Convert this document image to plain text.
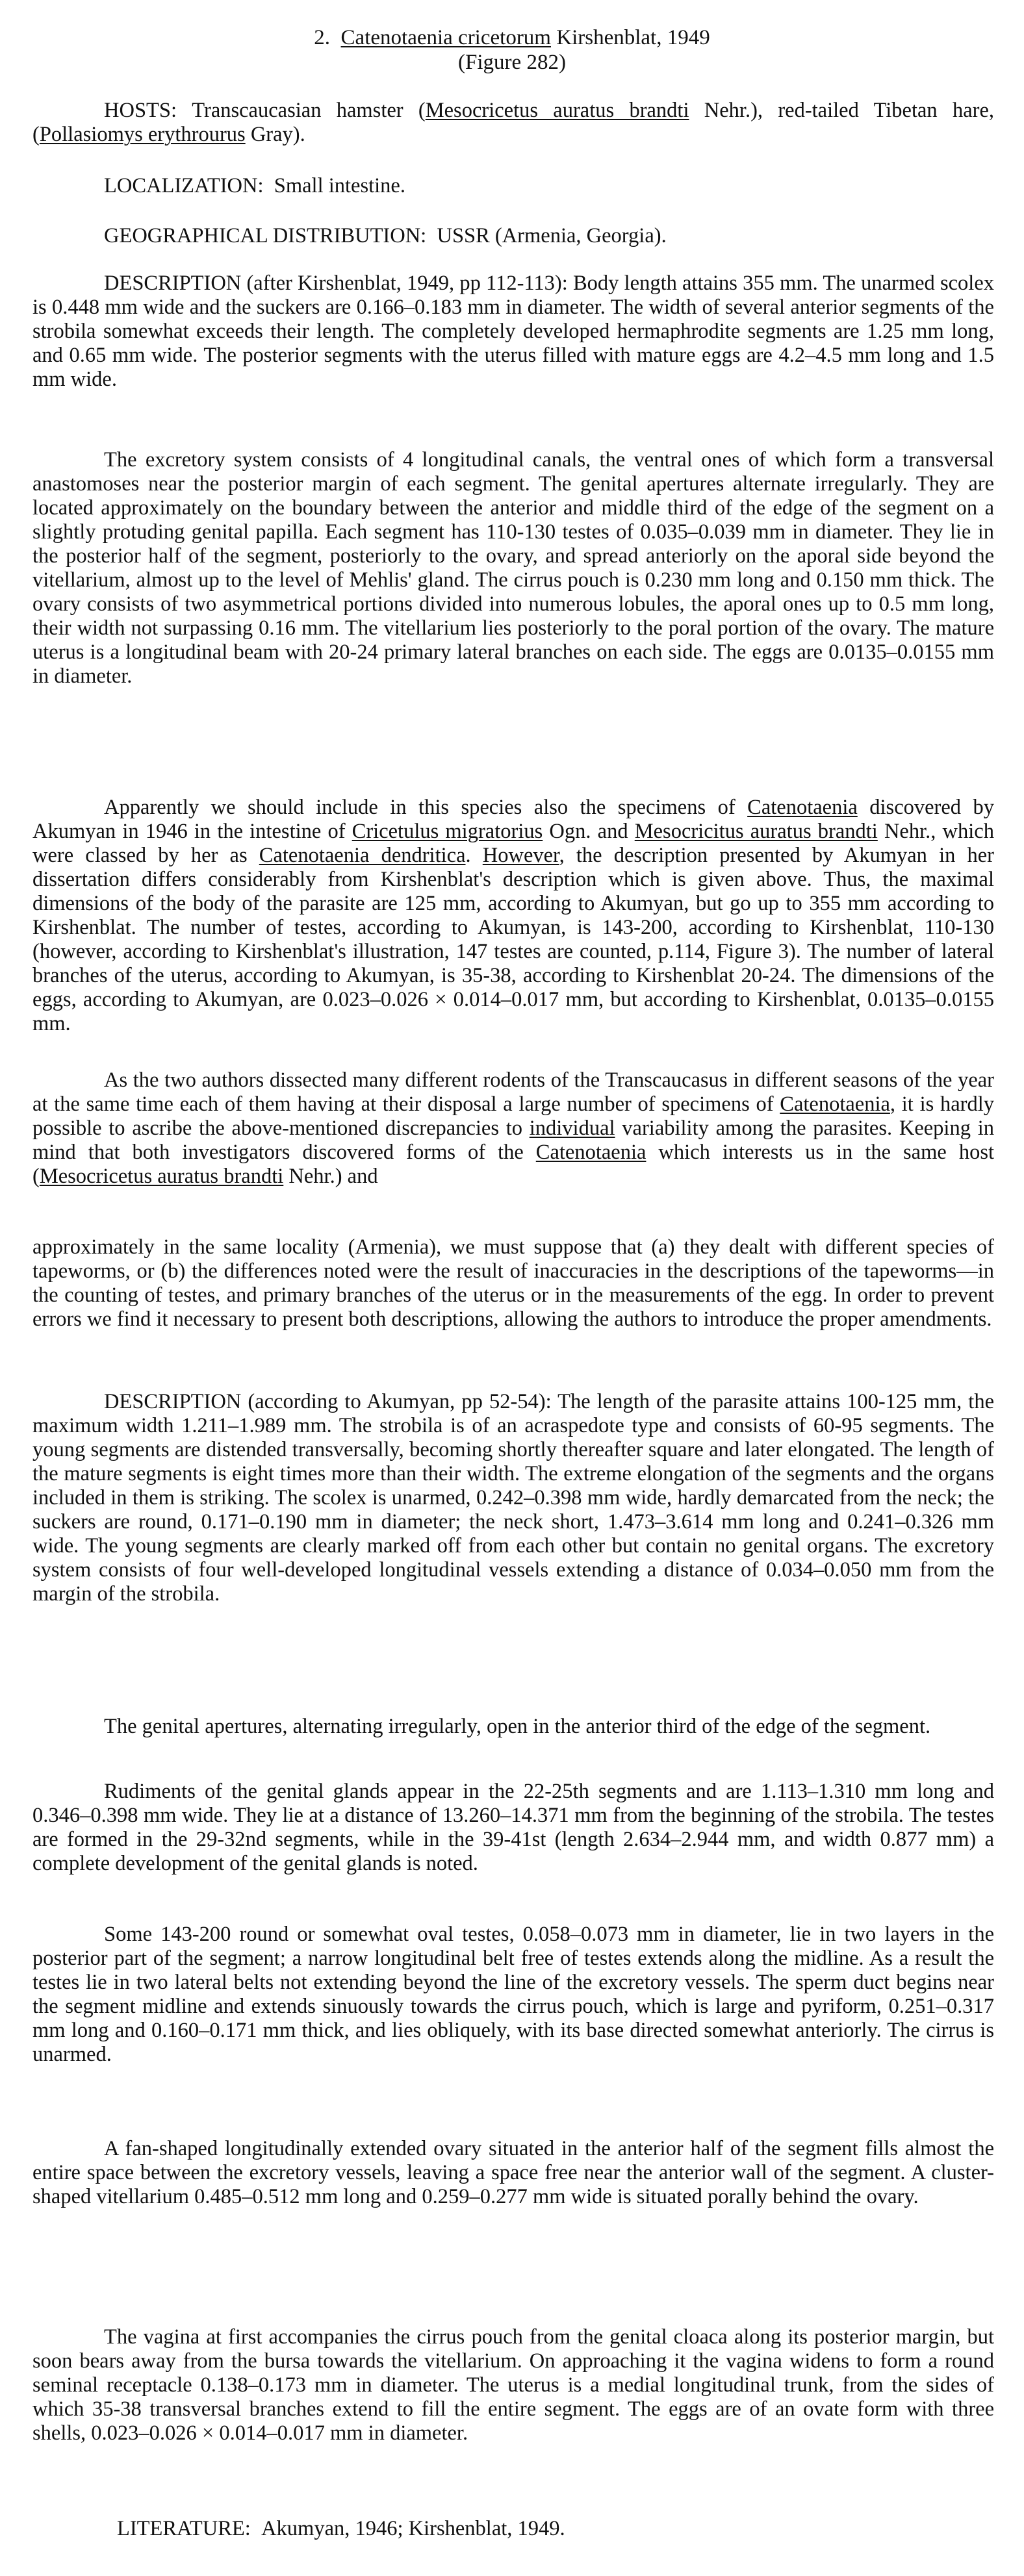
2. Catenotaenia cricetorum Kirshenblat, 1949
(Figure 282)

HOSTS: Transcaucasian hamster (Mesocricetus auratus brandti Nehr.), red-tailed Tibetan hare, (Pollasiomys erythrourus Gray).

LOCALIZATION: Small intestine.

GEOGRAPHICAL DISTRIBUTION: USSR (Armenia, Georgia).

DESCRIPTION (after Kirshenblat, 1949, pp 112-113): Body length attains 355 mm. The unarmed scolex is 0.448 mm wide and the suckers are 0.166–0.183 mm in diameter. The width of several anterior segments of the strobila somewhat exceeds their length. The completely developed hermaphrodite segments are 1.25 mm long, and 0.65 mm wide. The posterior segments with the uterus filled with mature eggs are 4.2–4.5 mm long and 1.5 mm wide.

The excretory system consists of 4 longitudinal canals, the ventral ones of which form a transversal anastomoses near the posterior margin of each segment. The genital apertures alternate irregularly. They are located approximately on the boundary between the anterior and middle third of the edge of the segment on a slightly protuding genital papilla. Each segment has 110-130 testes of 0.035–0.039 mm in diameter. They lie in the posterior half of the segment, posteriorly to the ovary, and spread anteriorly on the aporal side beyond the vitellarium, almost up to the level of Mehlis' gland. The cirrus pouch is 0.230 mm long and 0.150 mm thick. The ovary consists of two asymmetrical portions divided into numerous lobules, the aporal ones up to 0.5 mm long, their width not surpassing 0.16 mm. The vitellarium lies posteriorly to the poral portion of the ovary. The mature uterus is a longitudinal beam with 20-24 primary lateral branches on each side. The eggs are 0.0135–0.0155 mm in diameter.

Apparently we should include in this species also the specimens of Catenotaenia discovered by Akumyan in 1946 in the intestine of Cricetulus migratorius Ogn. and Mesocricitus auratus brandti Nehr., which were classed by her as Catenotaenia dendritica. However, the description presented by Akumyan in her dissertation differs considerably from Kirshenblat's description which is given above. Thus, the maximal dimensions of the body of the parasite are 125 mm, according to Akumyan, but go up to 355 mm according to Kirshenblat. The number of testes, according to Akumyan, is 143-200, according to Kirshenblat, 110-130 (however, according to Kirshenblat's illustration, 147 testes are counted, p.114, Figure 3). The number of lateral branches of the uterus, according to Akumyan, is 35-38, according to Kirshenblat 20-24. The dimensions of the eggs, according to Akumyan, are 0.023–0.026 × 0.014–0.017 mm, but according to Kirshenblat, 0.0135–0.0155 mm.

As the two authors dissected many different rodents of the Transcaucasus in different seasons of the year at the same time each of them having at their disposal a large number of specimens of Catenotaenia, it is hardly possible to ascribe the above-mentioned discrepancies to individual variability among the parasites. Keeping in mind that both investigators discovered forms of the Catenotaenia which interests us in the same host (Mesocricetus auratus brandti Nehr.) and

approximately in the same locality (Armenia), we must suppose that (a) they dealt with different species of tapeworms, or (b) the differences noted were the result of inaccuracies in the descriptions of the tapeworms—in the counting of testes, and primary branches of the uterus or in the measurements of the egg. In order to prevent errors we find it necessary to present both descriptions, allowing the authors to introduce the proper amendments.

DESCRIPTION (according to Akumyan, pp 52-54): The length of the parasite attains 100-125 mm, the maximum width 1.211–1.989 mm. The strobila is of an acraspedote type and consists of 60-95 segments. The young segments are distended transversally, becoming shortly thereafter square and later elongated. The length of the mature segments is eight times more than their width. The extreme elongation of the segments and the organs included in them is striking. The scolex is unarmed, 0.242–0.398 mm wide, hardly demarcated from the neck; the suckers are round, 0.171–0.190 mm in diameter; the neck short, 1.473–3.614 mm long and 0.241–0.326 mm wide. The young segments are clearly marked off from each other but contain no genital organs. The excretory system consists of four well-developed longitudinal vessels extending a distance of 0.034–0.050 mm from the margin of the strobila.

The genital apertures, alternating irregularly, open in the anterior third of the edge of the segment.

Rudiments of the genital glands appear in the 22-25th segments and are 1.113–1.310 mm long and 0.346–0.398 mm wide. They lie at a distance of 13.260–14.371 mm from the beginning of the strobila. The testes are formed in the 29-32nd segments, while in the 39-41st (length 2.634–2.944 mm, and width 0.877 mm) a complete development of the genital glands is noted.

Some 143-200 round or somewhat oval testes, 0.058–0.073 mm in diameter, lie in two layers in the posterior part of the segment; a narrow longitudinal belt free of testes extends along the midline. As a result the testes lie in two lateral belts not extending beyond the line of the excretory vessels. The sperm duct begins near the segment midline and extends sinuously towards the cirrus pouch, which is large and pyriform, 0.251–0.317 mm long and 0.160–0.171 mm thick, and lies obliquely, with its base directed somewhat anteriorly. The cirrus is unarmed.

A fan-shaped longitudinally extended ovary situated in the anterior half of the segment fills almost the entire space between the excretory vessels, leaving a space free near the anterior wall of the segment. A cluster-shaped vitellarium 0.485–0.512 mm long and 0.259–0.277 mm wide is situated porally behind the ovary.

The vagina at first accompanies the cirrus pouch from the genital cloaca along its posterior margin, but soon bears away from the bursa towards the vitellarium. On approaching it the vagina widens to form a round seminal receptacle 0.138–0.173 mm in diameter. The uterus is a medial longitudinal trunk, from the sides of which 35-38 transversal branches extend to fill the entire segment. The eggs are of an ovate form with three shells, 0.023–0.026 × 0.014–0.017 mm in diameter.

LITERATURE: Akumyan, 1946; Kirshenblat, 1949.
